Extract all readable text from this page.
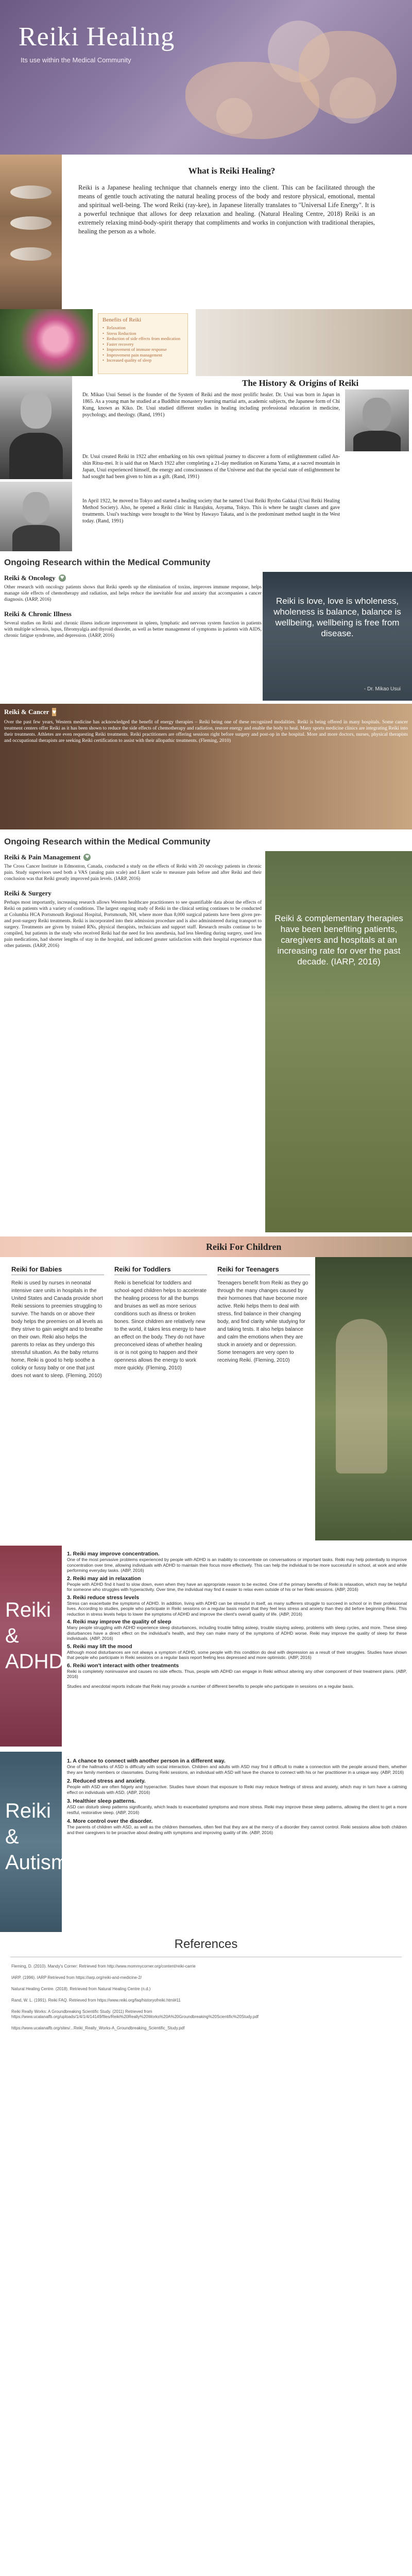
Reiki Healing
Its use within the Medical Community
What is Reiki Healing?

Reiki is a Japanese healing technique that channels energy into the client. This can be facilitated through the means of gentle touch activating the natural healing process of the body and restore physical, emotional, mental and spiritual well-being. The word Reiki (ray-kee), in Japanese literally translates to "Universal Life Energy". It is a powerful technique that allows for deep relaxation and healing. (Natural Healing Centre, 2018) Reiki is an extremely relaxing mind-body-spirit therapy that compliments and works in conjunction with traditional therapies, healing the person as a whole.

Benefits of Reiki
• Relaxation
• Stress Reduction
• Reduction of side effects from medication
• Faster recovery
• Improvement of immune response
• Improvement pain management
• Increased quality of sleep
The History & Origins of Reiki

Dr. Mikao Usui Sensei is the founder of the System of Reiki and the most prolific healer. Dr. Usui was born in Japan in 1865. As a young man he studied at a Buddhist monastery learning martial arts, academic subjects, the Japanese form of Chi Kung, known as Kiko. Dr. Usui studied different studies in healing including professional education in medicine, psychology, and theology. (Rand, 1991)

Dr. Usui created Reiki in 1922 after embarking on his own spiritual journey to discover a form of enlightenment called An-shin Ritsu-mei. It is said that on March 1922 after completing a 21-day meditation on Kurama Yama, at a sacred mountain in Japan, Usui experienced himself, the energy and consciousness of the Universe and that the special state of enlightenment he had sought had been given to him as a gift. (Rand, 1991)

In April 1922, he moved to Tokyo and started a healing society that he named Usui Reiki Ryoho Gakkai (Usui Reiki Healing Method Society). Also, he opened a Reiki clinic in Harajuku, Aoyama, Tokyo. This is where he taught classes and gave treatments. Usui's teachings were brought to the West by Hawayo Takata, and is the predominant method taught in the West today. (Rand, 1991)

Ongoing Research within the Medical Community
Reiki & Oncology ♥

Other research with oncology patients shows that Reiki speeds up the elimination of toxins, improves immune response, helps manage side effects of chemotherapy and radiation, and helps reduce the inevitable fear and anxiety that accompanies a cancer diagnosis. (IARP, 2016)

Reiki & Chronic Illness

Several studies on Reiki and chronic illness indicate improvement in spleen, lymphatic and nervous system function in patients with multiple sclerosis, lupus, fibromyalgia and thyroid disorder, as well as better management of symptoms in patients with AIDS, chronic fatigue syndrome, and depression. (IARP, 2016)

Reiki is love, love is wholeness, wholeness is balance, balance is wellbeing, wellbeing is free from disease.
- Dr. Mikao Usui
Reiki & Cancer ♥

Over the past few years, Western medicine has acknowledged the benefit of energy therapies – Reiki being one of these recognized modalities. Reiki is being offered in many hospitals. Some cancer treatment centers offer Reiki as it has been shown to reduce the side effects of chemotherapy and radiation, restore energy and enable the body to heal. Many sports medicine clinics are integrating Reiki into their treatments. Athletes are even requesting Reiki treatments. Reiki practitioners are offering sessions right before surgery and post-op in the hospital. More and more doctors, nurses, physical therapists and occupational therapists are seeking Reiki certification to assist with their allopathic treatments. (Fleming, 2010)

Ongoing Research within the Medical Community
Reiki & Pain Management ♥

The Cross Cancer Institute in Edmonton, Canada, conducted a study on the effects of Reiki with 20 oncology patients in chronic pain. Study supervisors used both a VAS (analog pain scale) and Likert scale to measure pain before and after Reiki and their conclusion was that Reiki greatly improved pain levels. (IARP, 2016)

Reiki & Surgery

Perhaps most importantly, increasing research allows Western healthcare practitioners to see quantifiable data about the effects of Reiki on patients with a variety of conditions. The largest ongoing study of Reiki in the clinical setting continues to be conducted at Columbia HCA Portsmouth Regional Hospital, Portsmouth, NH, where more than 8,000 surgical patients have been given pre- and post-surgery Reiki treatments. Reiki is incorporated into their admission procedure and is also administered during transport to surgery. Treatments are given by trained RNs, physical therapists, technicians and support staff. Research results continue to be compiled, but patients in the study who received Reiki had the need for less anesthesia, had less bleeding during surgery, used less pain medications, had shorter lengths of stay in the hospital, and indicated greater satisfaction with their hospital experience than other patients. (IARP, 2016)

Reiki & complementary therapies have been benefiting patients, caregivers and hospitals at an increasing rate for over the past decade. (IARP, 2016)
Reiki For Children
Reiki for Babies

Reiki is used by nurses in neonatal intensive care units in hospitals in the United States and Canada provide short Reiki sessions to preemies struggling to survive. The hands on or above their body helps the preemies on all levels as they strive to gain weight and to breathe on their own. Reiki also helps the parents to relax as they undergo this stressful situation. As the baby returns home, Reiki is good to help soothe a colicky or fussy baby or one that just does not want to sleep. (Fleming, 2010)

Reiki for Toddlers

Reiki is beneficial for toddlers and school-aged children helps to accelerate the healing process for all the bumps and bruises as well as more serious conditions such as illness or broken bones. Since children are relatively new to the world, it takes less energy to have an effect on the body. They do not have preconceived ideas of whether healing is or is not going to happen and their openness allows the energy to work more quickly. (Fleming, 2010)

Reiki for Teenagers

Teenagers benefit from Reiki as they go through the many changes caused by their hormones that have become more active. Reiki helps them to deal with stress, find balance in their changing body, and find clarity while studying for and taking tests. It also helps balance and calm the emotions when they are stuck in anxiety and or depression. Some teenagers are very open to receiving Reiki. (Fleming, 2010)

Reiki & ADHD
1. Reiki may improve concentration.

One of the most pervasive problems experienced by people with ADHD is an inability to concentrate on conversations or important tasks. Reiki may help potentially to improve concentration over time, allowing individuals with ADHD to maintain their focus more effectively. This can help the individual to be more successful in school, at work and while performing everyday tasks. (ABP, 2016)

2. Reiki may aid in relaxation

People with ADHD find it hard to slow down, even when they have an appropriate reason to be excited. One of the primary benefits of Reiki is relaxation, which may be helpful for someone who struggles with hyperactivity. Over time, the individual may find it easier to relax even outside of his or her Reiki sessions. (ABP, 2016)

3. Reiki reduce stress levels

Stress can exacerbate the symptoms of ADHD. In addition, living with ADHD can be stressful in itself, as many sufferers struggle to succeed in school or in their professional lives. According to studies, people who participate in Reiki sessions on a regular basis report that they feel less stress and anxiety than they did before beginning Reiki. This reduction in stress levels helps to lower the symptoms of ADHD and improve the client's overall quality of life. (ABP, 2016)

4. Reiki may improve the quality of sleep

Many people struggling with ADHD experience sleep disturbances, including trouble falling asleep, trouble staying asleep, problems with sleep cycles, and more. These sleep disturbances have a direct effect on the individual's health, and they can make many of the symptoms of ADHD worse. Reiki may improve the quality of sleep for these individuals. (ABP, 2016)

5. Reiki may lift the mood

Although mood disturbances are not always a symptom of ADHD, some people with this condition do deal with depression as a result of their struggles. Studies have shown that people who participate in Reiki sessions on a regular basis report feeling less depressed and more optimistic. (ABP, 2016)

6. Reiki won't interact with other treatments

Reiki is completely noninvasive and causes no side effects. Thus, people with ADHD can engage in Reiki without altering any other component of their treatment plans. (ABP, 2016)

Studies and anecdotal reports indicate that Reiki may provide a number of different benefits to people who participate in sessions on a regular basis.
Reiki & Autism
1. A chance to connect with another person in a different way.

One of the hallmarks of ASD is difficulty with social interaction. Children and adults with ASD may find it difficult to make a connection with the people around them, whether they are family members or classmates. During Reiki sessions, an individual with ASD will have the chance to connect with his or her practitioner in a unique way. (ABP, 2016)

2. Reduced stress and anxiety.

People with ASD are often fidgety and hyperactive. Studies have shown that exposure to Reiki may reduce feelings of stress and anxiety, which may in turn have a calming effect on individuals with ASD. (ABP, 2016)

3. Healthier sleep patterns.

ASD can disturb sleep patterns significantly, which leads to exacerbated symptoms and more stress. Reiki may improve these sleep patterns, allowing the client to get a more restful, restorative sleep. (ABP, 2016)

4. More control over the disorder.

The parents of children with ASD, as well as the children themselves, often feel that they are at the mercy of a disorder they cannot control. Reiki sessions allow both children and their caregivers to be proactive about dealing with symptoms and improving quality of life. (ABP, 2016)

References

Fleming, D. (2010). Mandy's Corner: Retrieved from http://www.mommycorner.org/content/reiki-carrie

IARP. (1996). IARP Retrieved from https://iarp.org/reiki-and-medicine-2/

Natural Healing Centre. (2018). Retrieved from Natural Healing Centre (n.d.)

Rand, W. L. (1991). Reiki FAQ. Retrieved from https://www.reiki.org/faq/historyofreiki.html#11

Reiki Really Works: A Groundbreaking Scientific Study. (2011) Retrieved from https://www.ucalanalfb.org/uploads/1/4/1/4/14149/files/Reiki%20Really%20Works%20A%20Groundbreaking%20Scientific%20Study.pdf

https://www.ucalanalfb.org/sites/...Reiki_Really_Works-A_Groundbreaking_Scientific_Study.pdf
